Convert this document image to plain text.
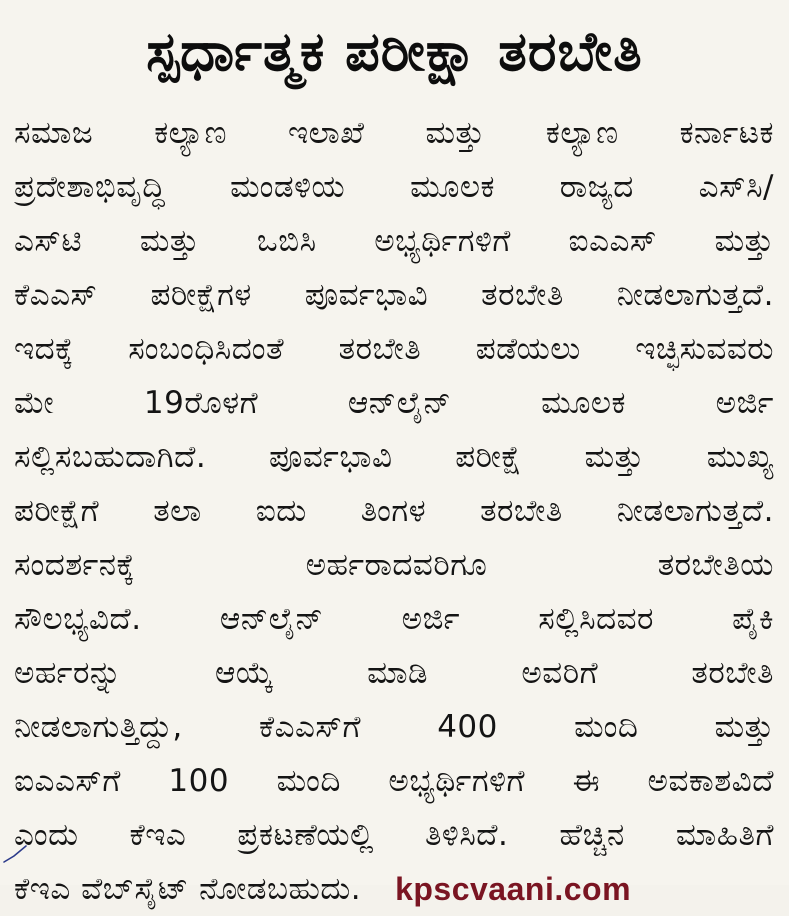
ಸ್ಪರ್ಧಾತ್ಮಕ ಪರೀಕ್ಷಾ ತರಬೇತಿ
ಸಮಾಜ ಕಲ್ಯಾಣ ಇಲಾಖೆ ಮತ್ತು ಕಲ್ಯಾಣ ಕರ್ನಾಟಕ
ಪ್ರದೇಶಾಭಿವೃದ್ಧಿ ಮಂಡಳಿಯ ಮೂಲಕ ರಾಜ್ಯದ ಎಸ್‌ಸಿ/
ಎಸ್‌ಟಿ ಮತ್ತು ಒಬಿಸಿ ಅಭ್ಯರ್ಥಿಗಳಿಗೆ ಐಎಎಸ್ ಮತ್ತು
ಕೆಎಎಸ್ ಪರೀಕ್ಷೆಗಳ ಪೂರ್ವಭಾವಿ ತರಬೇತಿ ನೀಡಲಾಗುತ್ತದೆ.
ಇದಕ್ಕೆ ಸಂಬಂಧಿಸಿದಂತೆ ತರಬೇತಿ ಪಡೆಯಲು ಇಚ್ಛಿಸುವವರು
ಮೇ 19ರೊಳಗೆ ಆನ್‌ಲೈನ್ ಮೂಲಕ ಅರ್ಜಿ
ಸಲ್ಲಿಸಬಹುದಾಗಿದೆ. ಪೂರ್ವಭಾವಿ ಪರೀಕ್ಷೆ ಮತ್ತು ಮುಖ್ಯ
ಪರೀಕ್ಷೆಗೆ ತಲಾ ಐದು ತಿಂಗಳ ತರಬೇತಿ ನೀಡಲಾಗುತ್ತದೆ.
ಸಂದರ್ಶನಕ್ಕೆ ಅರ್ಹರಾದವರಿಗೂ ತರಬೇತಿಯ
ಸೌಲಭ್ಯವಿದೆ. ಆನ್‌ಲೈನ್ ಅರ್ಜಿ ಸಲ್ಲಿಸಿದವರ ಪೈಕಿ
ಅರ್ಹರನ್ನು ಆಯ್ಕೆ ಮಾಡಿ ಅವರಿಗೆ ತರಬೇತಿ
ನೀಡಲಾಗುತ್ತಿದ್ದು, ಕೆಎಎಸ್‌ಗೆ 400 ಮಂದಿ ಮತ್ತು
ಐಎಎಸ್‌ಗೆ 100 ಮಂದಿ ಅಭ್ಯರ್ಥಿಗಳಿಗೆ ಈ ಅವಕಾಶವಿದೆ
ಎಂದು ಕೆಇಎ ಪ್ರಕಟಣೆಯಲ್ಲಿ ತಿಳಿಸಿದೆ. ಹೆಚ್ಚಿನ ಮಾಹಿತಿಗೆ
ಕೆಇಎ ವೆಬ್‌ಸೈಟ್ ನೋಡಬಹುದು. kpscvaani.com
